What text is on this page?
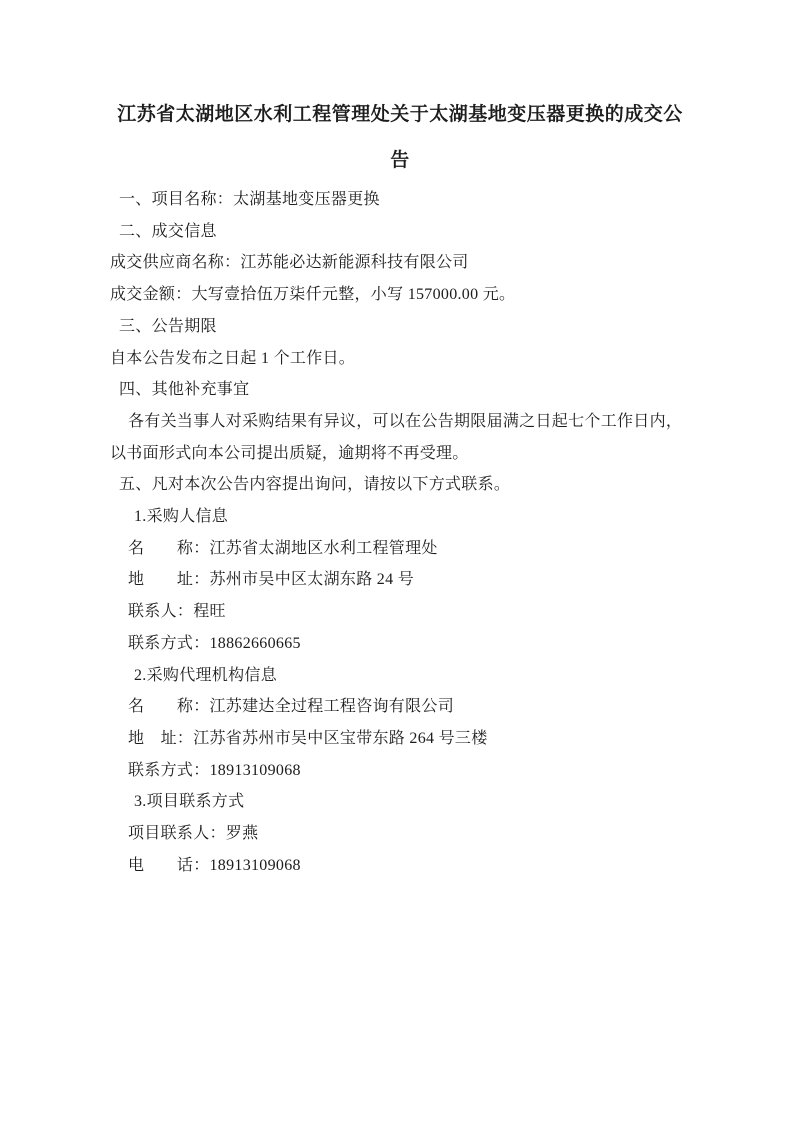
江苏省太湖地区水利工程管理处关于太湖基地变压器更换的成交公
告
一、项目名称：太湖基地变压器更换
二、成交信息
成交供应商名称：江苏能必达新能源科技有限公司
成交金额：大写壹拾伍万柒仟元整，小写 157000.00 元。
三、公告期限
自本公告发布之日起 1 个工作日。
四、其他补充事宜
各有关当事人对采购结果有异议，可以在公告期限届满之日起七个工作日内，
以书面形式向本公司提出质疑，逾期将不再受理。
五、凡对本次公告内容提出询问，请按以下方式联系。
1.采购人信息
名　　称：江苏省太湖地区水利工程管理处
地　　址：苏州市吴中区太湖东路 24 号
联系人：程旺
联系方式：18862660665
2.采购代理机构信息
名　　称：江苏建达全过程工程咨询有限公司
地　址：江苏省苏州市吴中区宝带东路 264 号三楼
联系方式：18913109068
3.项目联系方式
项目联系人：罗燕
电　　话：18913109068
